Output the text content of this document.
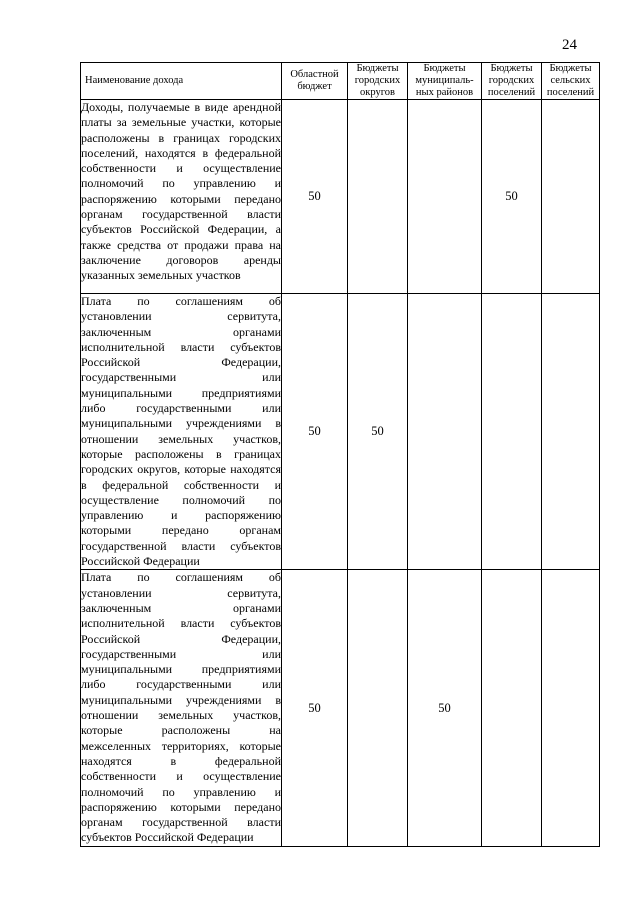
24
Наименование дохода	Областной бюджет	Бюджеты городских округов	Бюджеты муниципаль-ных районов	Бюджеты городских поселений	Бюджеты сельских поселений
Доходы, получаемые в виде арендной платы за земельные участки, которые расположены в границах городских поселений, находятся в федеральной собственности и осуществление полномочий по управлению и распоряжению которыми передано органам государственной власти субъектов Российской Федерации, а также средства от продажи права на заключение договоров аренды указанных земельных участков	50			50	
Плата по соглашениям об установлении сервитута, заключенным органами исполнительной власти субъектов Российской Федерации, государственными или муниципальными предприятиями либо государственными или муниципальными учреждениями в отношении земельных участков, которые расположены в границах городских округов, которые находятся в федеральной собственности и осуществление полномочий по управлению и распоряжению которыми передано органам государственной власти субъектов Российской Федерации	50	50			
Плата по соглашениям об установлении сервитута, заключенным органами исполнительной власти субъектов Российской Федерации, государственными или муниципальными предприятиями либо государственными или муниципальными учреждениями в отношении земельных участков, которые расположены на межселенных территориях, которые находятся в федеральной собственности и осуществление полномочий по управлению и распоряжению которыми передано органам государственной власти субъектов Российской Федерации	50		50		
